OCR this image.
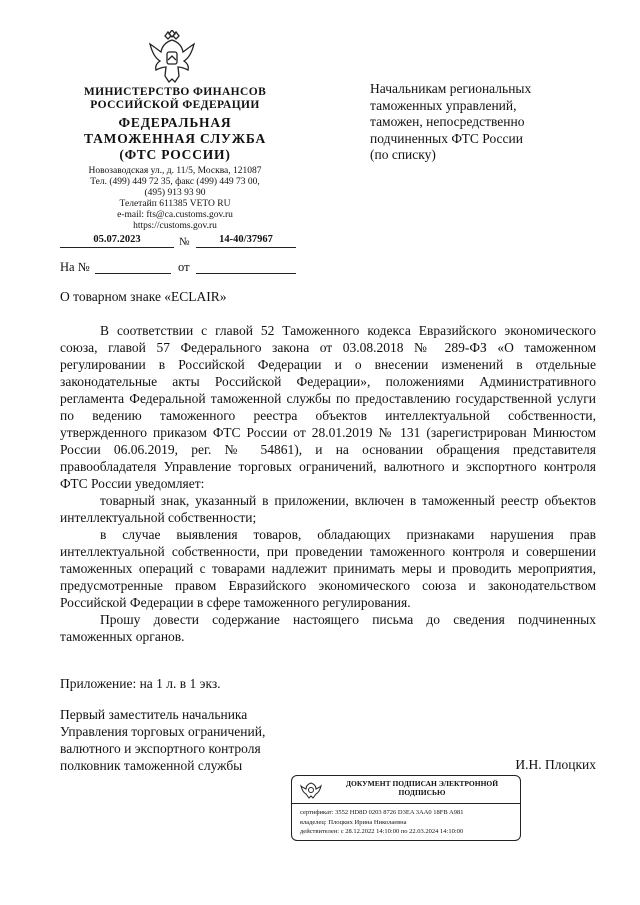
МИНИСТЕРСТВО ФИНАНСОВ
РОССИЙСКОЙ ФЕДЕРАЦИИ
ФЕДЕРАЛЬНАЯ
ТАМОЖЕННАЯ СЛУЖБА
(ФТС РОССИИ)
Новозаводская ул., д. 11/5, Москва, 121087
Тел. (499) 449 72 35, факс (499) 449 73 00,
(495) 913 93 90
Телетайп 611385 VETO RU
e-mail: fts@ca.customs.gov.ru
https://customs.gov.ru
05.07.2023	№	14-40/37967
На №	от
Начальникам региональных
таможенных управлений,
таможен, непосредственно
подчиненных ФТС России
(по списку)
О товарном знаке «ECLAIR»

В соответствии с главой 52 Таможенного кодекса Евразийского экономического союза, главой 57 Федерального закона от 03.08.2018 № 289-ФЗ «О таможенном регулировании в Российской Федерации и о внесении изменений в отдельные законодательные акты Российской Федерации», положениями Административного регламента Федеральной таможенной службы по предоставлению государственной услуги по ведению таможенного реестра объектов интеллектуальной собственности, утвержденного приказом ФТС России от 28.01.2019 № 131 (зарегистрирован Минюстом России 06.06.2019, рег. № 54861), и на основании обращения представителя правообладателя Управление торговых ограничений, валютного и экспортного контроля ФТС России уведомляет:

товарный знак, указанный в приложении, включен в таможенный реестр объектов интеллектуальной собственности;

в случае выявления товаров, обладающих признаками нарушения прав интеллектуальной собственности, при проведении таможенного контроля и совершении таможенных операций с товарами надлежит принимать меры и проводить мероприятия, предусмотренные правом Евразийского экономического союза и законодательством Российской Федерации в сфере таможенного регулирования.

Прошу довести содержание настоящего письма до сведения подчиненных таможенных органов.

Приложение: на 1 л. в 1 экз.
Первый заместитель начальника
Управления торговых ограничений,
валютного и экспортного контроля
полковник таможенной службы	И.Н. Плоцких
ДОКУМЕНТ ПОДПИСАН ЭЛЕКТРОННОЙ
ПОДПИСЬЮ
сертификат: 3552 HD8D 0203 8726 D3EA 3AA0 18FB A981
владелец: Плоцких Ирина Николаевна
действителен: с 28.12.2022 14:10:00 по 22.03.2024 14:10:00
